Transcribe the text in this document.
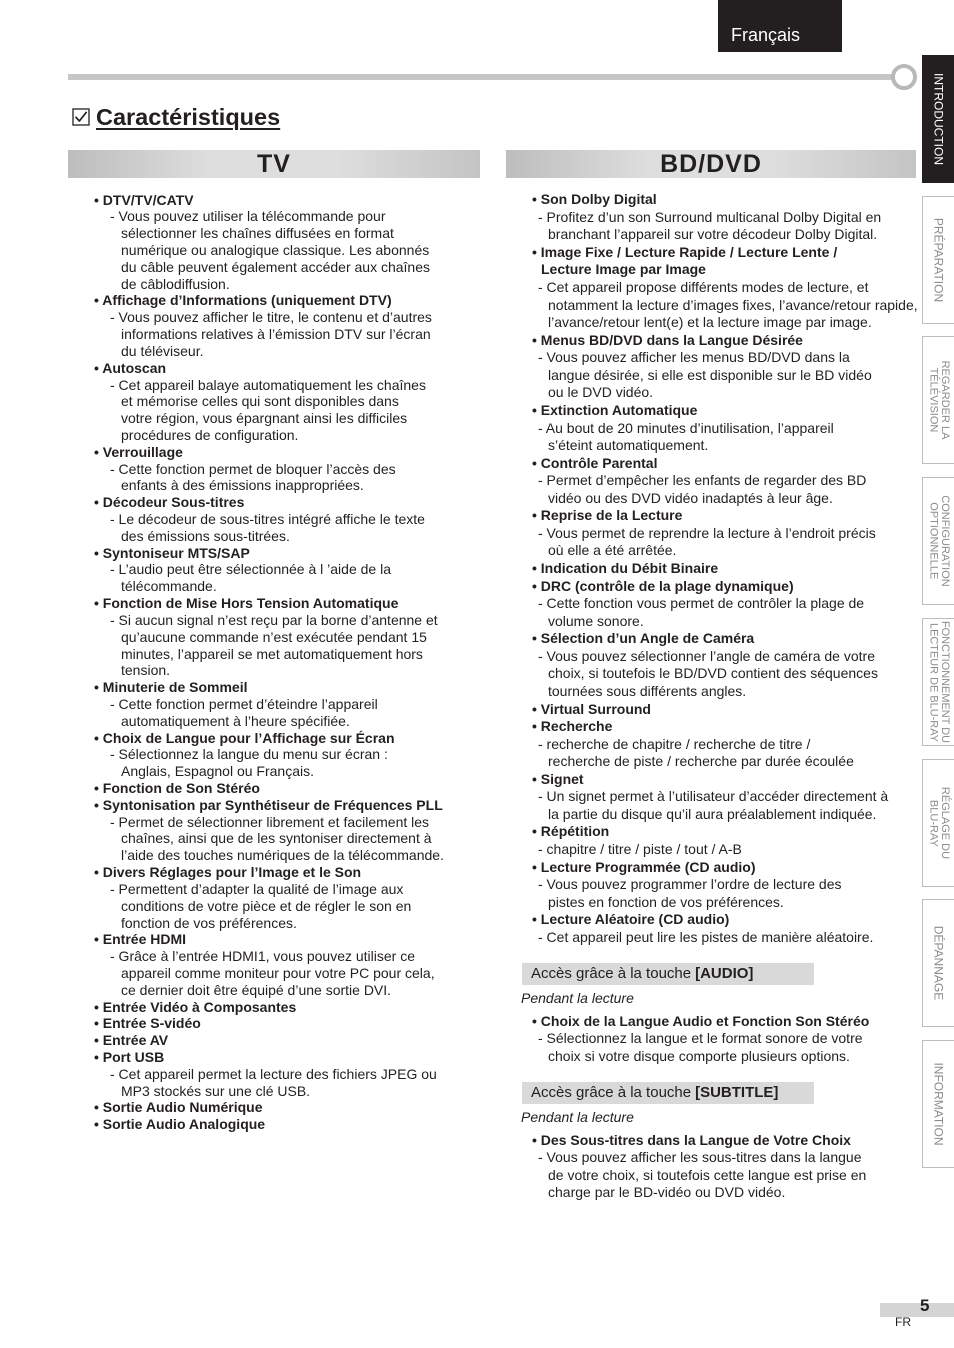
Français
Caractéristiques
TV	BD/DVD
• DTV/TV/CATV
- Vous pouvez utiliser la télécommande pour
sélectionner les chaînes diffusées en format
numérique ou analogique classique. Les abonnés
du câble peuvent également accéder aux chaînes
de câblodiffusion.
• Affichage d’Informations (uniquement DTV)
- Vous pouvez afficher le titre, le contenu et d’autres
informations relatives à l’émission DTV sur l’écran
du téléviseur.
• Autoscan
- Cet appareil balaye automatiquement les chaînes
et mémorise celles qui sont disponibles dans
votre région, vous épargnant ainsi les difficiles
procédures de configuration.
• Verrouillage
- Cette fonction permet de bloquer l’accès des
enfants à des émissions inappropriées.
• Décodeur Sous-titres
- Le décodeur de sous-titres intégré affiche le texte
des émissions sous-titrées.
• Syntoniseur MTS/SAP
- L’audio peut être sélectionnée à l ’aide de la
télécommande.
• Fonction de Mise Hors Tension Automatique
- Si aucun signal n’est reçu par la borne d’antenne et
qu’aucune commande n’est exécutée pendant 15
minutes, l’appareil se met automatiquement hors
tension.
• Minuterie de Sommeil
- Cette fonction permet d’éteindre l’appareil
automatiquement à l’heure spécifiée.
• Choix de Langue pour l’Affichage sur Écran
- Sélectionnez la langue du menu sur écran :
Anglais, Espagnol ou Français.
• Fonction de Son Stéréo
• Syntonisation par Synthétiseur de Fréquences PLL
- Permet de sélectionner librement et facilement les
chaînes, ainsi que de les syntoniser directement à
l’aide des touches numériques de la télécommande.
• Divers Réglages pour l’Image et le Son
- Permettent d’adapter la qualité de l’image aux
conditions de votre pièce et de régler le son en
fonction de vos préférences.
• Entrée HDMI
- Grâce à l’entrée HDMI1, vous pouvez utiliser ce
appareil comme moniteur pour votre PC pour cela,
ce dernier doit être équipé d’une sortie DVI.
• Entrée Vidéo à Composantes
• Entrée S-vidéo
• Entrée AV
• Port USB
- Cet appareil permet la lecture des fichiers JPEG ou
MP3 stockés sur une clé USB.
• Sortie Audio Numérique
• Sortie Audio Analogique
• Son Dolby Digital
- Profitez d’un son Surround multicanal Dolby Digital en
branchant l’appareil sur votre décodeur Dolby Digital.
• Image Fixe / Lecture Rapide / Lecture Lente /
Lecture Image par Image
- Cet appareil propose différents modes de lecture, et
notamment la lecture d’images fixes, l’avance/retour rapide,
l’avance/retour lent(e) et la lecture image par image.
• Menus BD/DVD dans la Langue Désirée
- Vous pouvez afficher les menus BD/DVD dans la
langue désirée, si elle est disponible sur le BD vidéo
ou le DVD vidéo.
• Extinction Automatique
- Au bout de 20 minutes d’inutilisation, l’appareil
s’éteint automatiquement.
• Contrôle Parental
- Permet d’empêcher les enfants de regarder des BD
vidéo ou des DVD vidéo inadaptés à leur âge.
• Reprise de la Lecture
- Vous permet de reprendre la lecture à l’endroit précis
où elle a été arrêtée.
• Indication du Débit Binaire
• DRC (contrôle de la plage dynamique)
- Cette fonction vous permet de contrôler la plage de
volume sonore.
• Sélection d’un Angle de Caméra
- Vous pouvez sélectionner l’angle de caméra de votre
choix, si toutefois le BD/DVD contient des séquences
tournées sous différents angles.
• Virtual Surround
• Recherche
- recherche de chapitre / recherche de titre /
recherche de piste / recherche par durée écoulée
• Signet
- Un signet permet à l’utilisateur d’accéder directement à
la partie du disque qu’il aura préalablement indiquée.
• Répétition
- chapitre / titre / piste / tout / A-B
• Lecture Programmée (CD audio)
- Vous pouvez programmer l’ordre de lecture des
pistes en fonction de vos préférences.
• Lecture Aléatoire (CD audio)
- Cet appareil peut lire les pistes de manière aléatoire.
INTRODUCTION
PRÉPARATION
REGARDER LA
TÉLÉVISION
CONFIGURATION
OPTIONNELLE
FONCTIONNEMENT DU
LECTEUR DE BLU-RAY
RÉGLAGE DU
BLU-RAY
DÉPANNAGE
INFORMATION
5
FR
Accès grâce à la touche [AUDIO]
Pendant la lecture
• Choix de la Langue Audio et Fonction Son Stéréo
- Sélectionnez la langue et le format sonore de votre
choix si votre disque comporte plusieurs options.
Accès grâce à la touche [SUBTITLE]
Pendant la lecture
• Des Sous-titres dans la Langue de Votre Choix
- Vous pouvez afficher les sous-titres dans la langue
de votre choix, si toutefois cette langue est prise en
charge par le BD-vidéo ou DVD vidéo.
